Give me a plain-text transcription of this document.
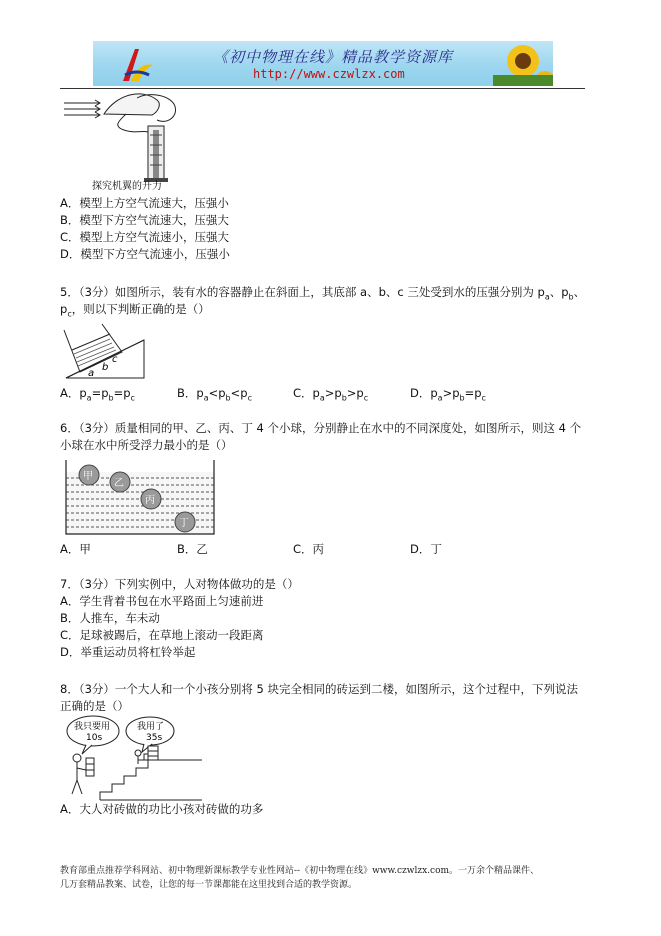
《初中物理在线》精品教学资源库
http://www.czwlzx.com
探究机翼的升力
A．模型上方空气流速大，压强小
B．模型下方空气流速大，压强大
C．模型上方空气流速小，压强大
D．模型下方空气流速小，压强小
5．（3分）如图所示，装有水的容器静止在斜面上，其底部 a、b、c 三处受到水的压强分别为 $p_a$、$p_b$、
$p_c$，则以下判断正确的是（）
a
b
c
A．$p_a=p_b=p_c$	B．$p_a<p_b<p_c$	C．$p_a>p_b>p_c$	D．$p_a>p_b=p_c$
6．（3分）质量相同的甲、乙、丙、丁 4 个小球，分别静止在水中的不同深度处，如图所示，则这 4 个
小球在水中所受浮力最小的是（）
甲
乙
丙
丁
A．甲	B．乙	C．丙	D．丁
7．（3分）下列实例中，人对物体做功的是（）
A．学生背着书包在水平路面上匀速前进
B．人推车，车未动
C．足球被踢后，在草地上滚动一段距离
D．举重运动员将杠铃举起
8．（3分）一个大人和一个小孩分别将 5 块完全相同的砖运到二楼，如图所示，这个过程中，下列说法
正确的是（）
我只要用
10s
我用了
35s
A．大人对砖做的功比小孩对砖做的功多
教育部重点推荐学科网站、初中物理新课标教学专业性网站--《初中物理在线》www.czwlzx.com。一万余个精品课件、
几万套精品教案、试卷，让您的每一节课都能在这里找到合适的教学资源。
